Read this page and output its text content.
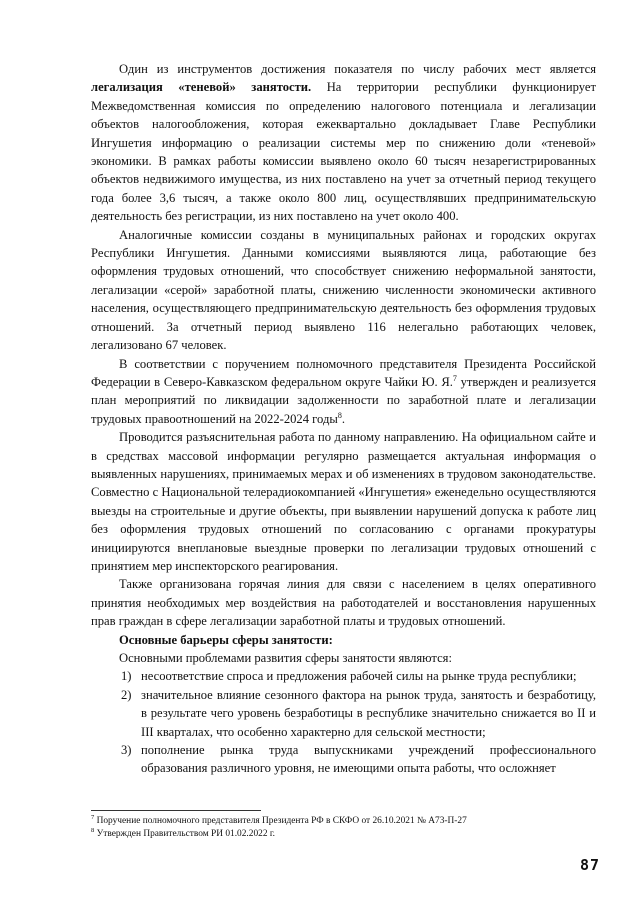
Один из инструментов достижения показателя по числу рабочих мест является легализация «теневой» занятости. На территории республики функционирует Межведомственная комиссия по определению налогового потенциала и легализации объектов налогообложения, которая ежеквартально докладывает Главе Республики Ингушетия информацию о реализации системы мер по снижению доли «теневой» экономики. В рамках работы комиссии выявлено около 60 тысяч незарегистрированных объектов недвижимого имущества, из них поставлено на учет за отчетный период текущего года более 3,6 тысяч, а также около 800 лиц, осуществлявших предпринимательскую деятельность без регистрации, из них поставлено на учет около 400.

Аналогичные комиссии созданы в муниципальных районах и городских округах Республики Ингушетия. Данными комиссиями выявляются лица, работающие без оформления трудовых отношений, что способствует снижению неформальной занятости, легализации «серой» заработной платы, снижению численности экономически активного населения, осуществляющего предпринимательскую деятельность без оформления трудовых отношений. За отчетный период выявлено 116 нелегально работающих человек, легализовано 67 человек.

В соответствии с поручением полномочного представителя Президента Российской Федерации в Северо-Кавказском федеральном округе Чайки Ю. Я.$^7$ утвержден и реализуется план мероприятий по ликвидации задолженности по заработной плате и легализации трудовых правоотношений на 2022-2024 годы$^8$.

Проводится разъяснительная работа по данному направлению. На официальном сайте и в средствах массовой информации регулярно размещается актуальная информация о выявленных нарушениях, принимаемых мерах и об изменениях в трудовом законодательстве. Совместно с Национальной телерадиокомпанией «Ингушетия» еженедельно осуществляются выезды на строительные и другие объекты, при выявлении нарушений допуска к работе лиц без оформления трудовых отношений по согласованию с органами прокуратуры инициируются внеплановые выездные проверки по легализации трудовых отношений с принятием мер инспекторского реагирования.

Также организована горячая линия для связи с населением в целях оперативного принятия необходимых мер воздействия на работодателей и восстановления нарушенных прав граждан в сфере легализации заработной платы и трудовых отношений.

Основные барьеры сферы занятости:

Основными проблемами развития сферы занятости являются:

1) несоответствие спроса и предложения рабочей силы на рынке труда республики;
2) значительное влияние сезонного фактора на рынок труда, занятость и безработицу, в результате чего уровень безработицы в республике значительно снижается во II и III кварталах, что особенно характерно для сельской местности;
3) пополнение рынка труда выпускниками учреждений профессионального образования различного уровня, не имеющими опыта работы, что осложняет
$^7$ Поручение полномочного представителя Президента РФ в СКФО от 26.10.2021 № А73-П-27
$^8$ Утвержден Правительством РИ 01.02.2022 г.
87
